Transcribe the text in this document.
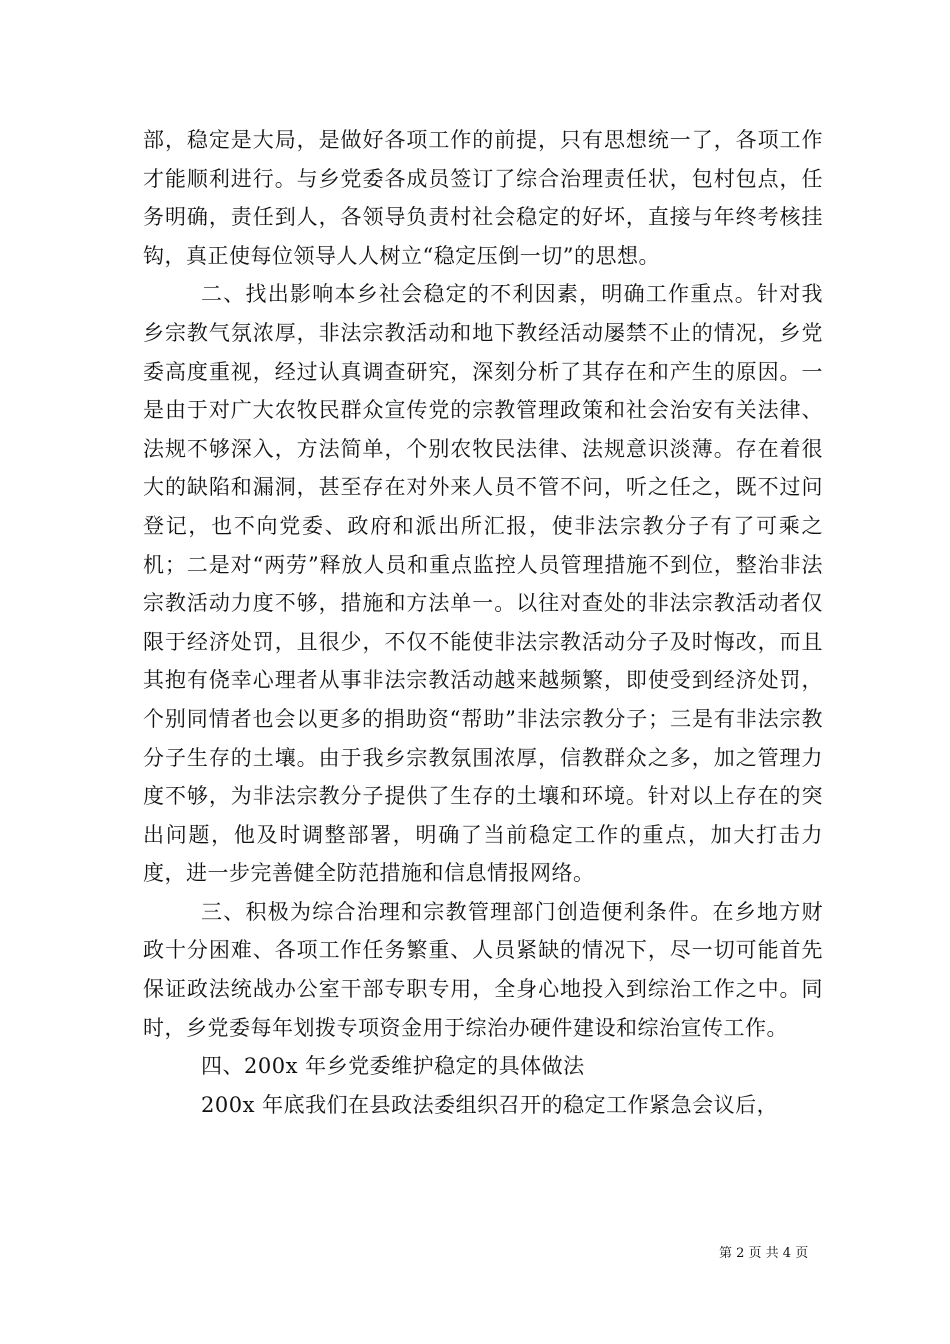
部，稳定是大局，是做好各项工作的前提，只有思想统一了，各项工作才能顺利进行。与乡党委各成员签订了综合治理责任状，包村包点，任务明确，责任到人，各领导负责村社会稳定的好坏，直接与年终考核挂钩，真正使每位领导人人树立“稳定压倒一切”的思想。

二、找出影响本乡社会稳定的不利因素，明确工作重点。针对我乡宗教气氛浓厚，非法宗教活动和地下教经活动屡禁不止的情况，乡党委高度重视，经过认真调查研究，深刻分析了其存在和产生的原因。一是由于对广大农牧民群众宣传党的宗教管理政策和社会治安有关法律、法规不够深入，方法简单，个别农牧民法律、法规意识淡薄。存在着很大的缺陷和漏洞，甚至存在对外来人员不管不问，听之任之，既不过问登记，也不向党委、政府和派出所汇报，使非法宗教分子有了可乘之机；二是对“两劳”释放人员和重点监控人员管理措施不到位，整治非法宗教活动力度不够，措施和方法单一。以往对查处的非法宗教活动者仅限于经济处罚，且很少，不仅不能使非法宗教活动分子及时悔改，而且其抱有侥幸心理者从事非法宗教活动越来越频繁，即使受到经济处罚，个别同情者也会以更多的捐助资“帮助”非法宗教分子；三是有非法宗教分子生存的土壤。由于我乡宗教氛围浓厚，信教群众之多，加之管理力度不够，为非法宗教分子提供了生存的土壤和环境。针对以上存在的突出问题，他及时调整部署，明确了当前稳定工作的重点，加大打击力度，进一步完善健全防范措施和信息情报网络。

三、积极为综合治理和宗教管理部门创造便利条件。在乡地方财政十分困难、各项工作任务繁重、人员紧缺的情况下，尽一切可能首先保证政法统战办公室干部专职专用，全身心地投入到综治工作之中。同时，乡党委每年划拨专项资金用于综治办硬件建设和综治宣传工作。

四、200x 年乡党委维护稳定的具体做法

200x 年底我们在县政法委组织召开的稳定工作紧急会议后，

第 2 页 共 4 页
